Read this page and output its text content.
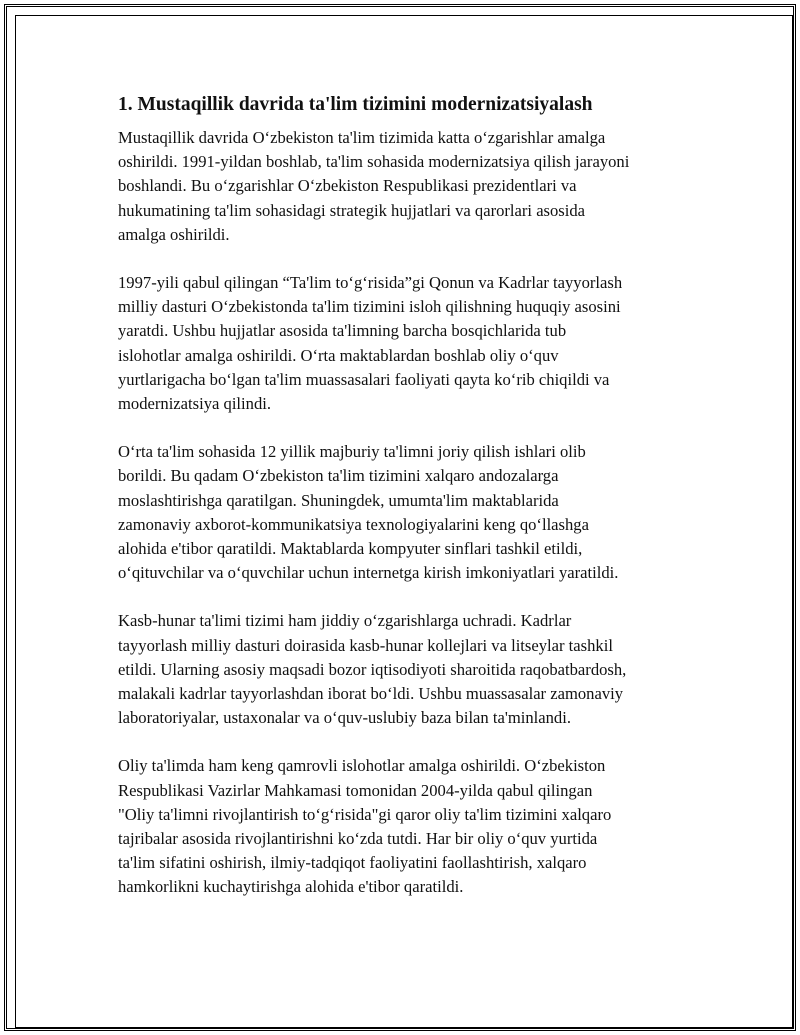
1. Mustaqillik davrida ta'lim tizimini modernizatsiyalash
Mustaqillik davrida O‘zbekiston ta'lim tizimida katta o‘zgarishlar amalga
oshirildi. 1991-yildan boshlab, ta'lim sohasida modernizatsiya qilish jarayoni
boshlandi. Bu o‘zgarishlar O‘zbekiston Respublikasi prezidentlari va
hukumatining ta'lim sohasidagi strategik hujjatlari va qarorlari asosida
amalga oshirildi.
1997-yili qabul qilingan “Ta'lim to‘g‘risida”gi Qonun va Kadrlar tayyorlash
milliy dasturi O‘zbekistonda ta'lim tizimini isloh qilishning huquqiy asosini
yaratdi. Ushbu hujjatlar asosida ta'limning barcha bosqichlarida tub
islohotlar amalga oshirildi. O‘rta maktablardan boshlab oliy o‘quv
yurtlarigacha bo‘lgan ta'lim muassasalari faoliyati qayta ko‘rib chiqildi va
modernizatsiya qilindi.
O‘rta ta'lim sohasida 12 yillik majburiy ta'limni joriy qilish ishlari olib
borildi. Bu qadam O‘zbekiston ta'lim tizimini xalqaro andozalarga
moslashtirishga qaratilgan. Shuningdek, umumta'lim maktablarida
zamonaviy axborot-kommunikatsiya texnologiyalarini keng qo‘llashga
alohida e'tibor qaratildi. Maktablarda kompyuter sinflari tashkil etildi,
o‘qituvchilar va o‘quvchilar uchun internetga kirish imkoniyatlari yaratildi.
Kasb-hunar ta'limi tizimi ham jiddiy o‘zgarishlarga uchradi. Kadrlar
tayyorlash milliy dasturi doirasida kasb-hunar kollejlari va litseylar tashkil
etildi. Ularning asosiy maqsadi bozor iqtisodiyoti sharoitida raqobatbardosh,
malakali kadrlar tayyorlashdan iborat bo‘ldi. Ushbu muassasalar zamonaviy
laboratoriyalar, ustaxonalar va o‘quv-uslubiy baza bilan ta'minlandi.
Oliy ta'limda ham keng qamrovli islohotlar amalga oshirildi. O‘zbekiston
Respublikasi Vazirlar Mahkamasi tomonidan 2004-yilda qabul qilingan
"Oliy ta'limni rivojlantirish to‘g‘risida"gi qaror oliy ta'lim tizimini xalqaro
tajribalar asosida rivojlantirishni ko‘zda tutdi. Har bir oliy o‘quv yurtida
ta'lim sifatini oshirish, ilmiy-tadqiqot faoliyatini faollashtirish, xalqaro
hamkorlikni kuchaytirishga alohida e'tibor qaratildi.
